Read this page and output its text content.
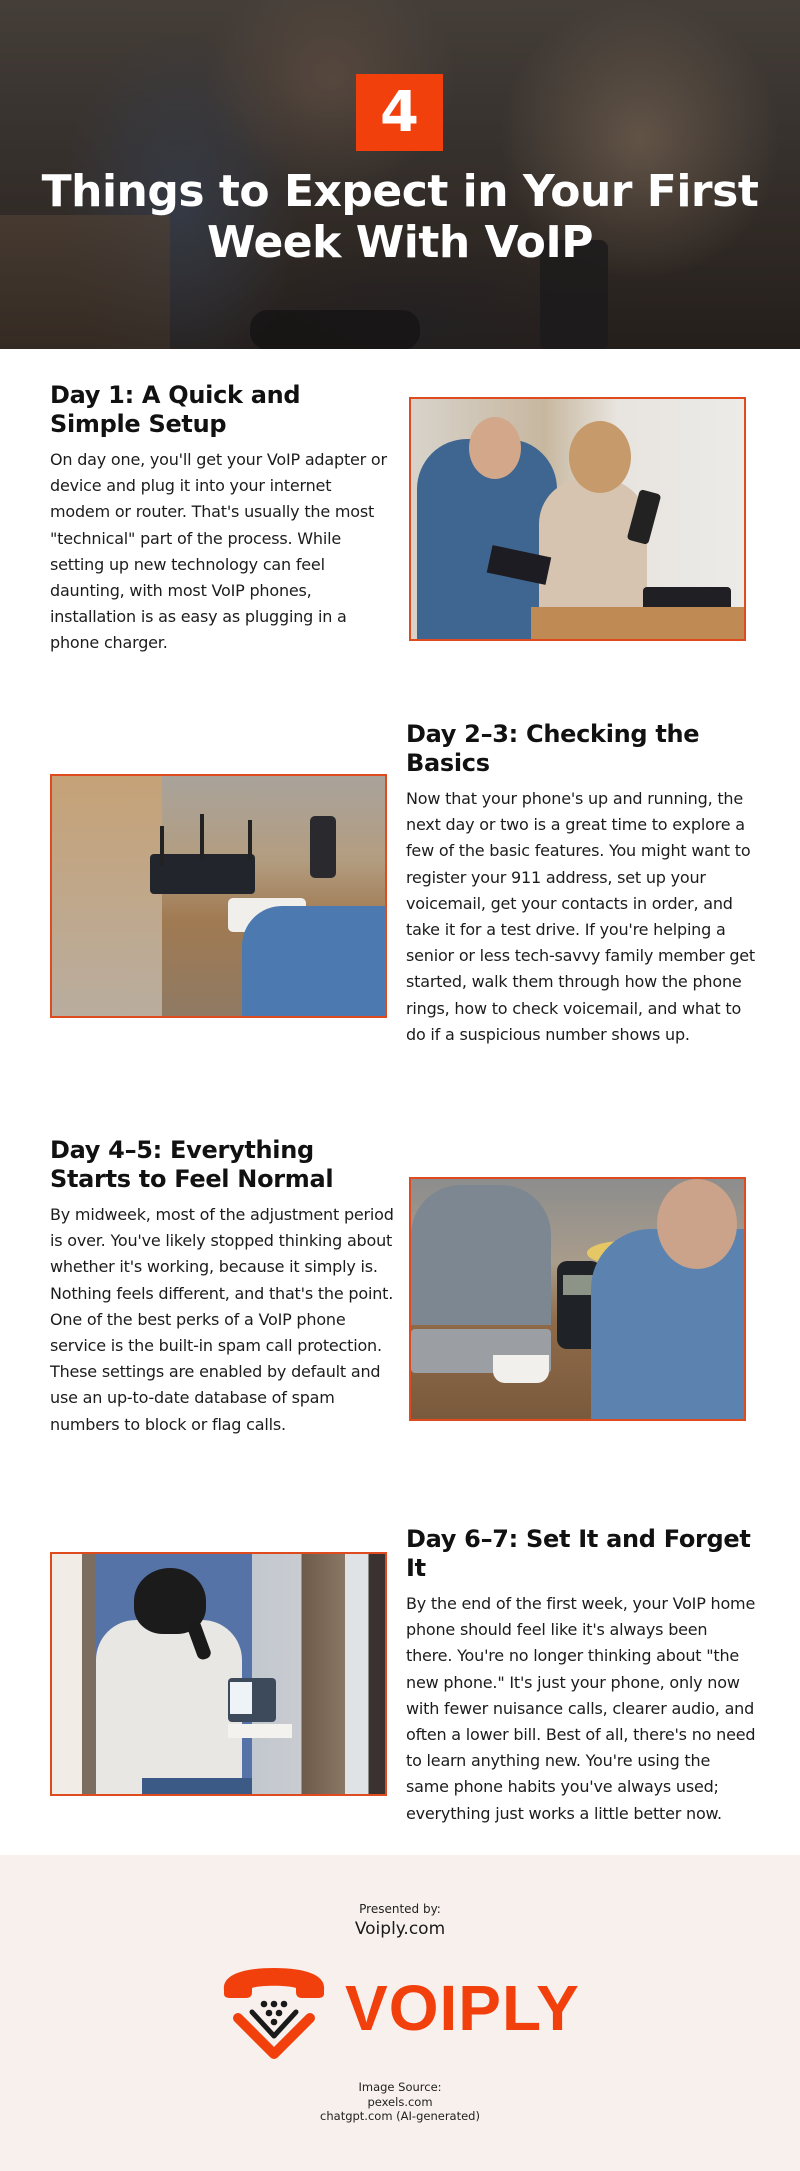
4
Things to Expect in Your First Week With VoIP
Day 1: A Quick and Simple Setup

On day one, you'll get your VoIP adapter or device and plug it into your internet modem or router. That's usually the most "technical" part of the process. While setting up new technology can feel daunting, with most VoIP phones, installation is as easy as plugging in a phone charger.

Day 2–3: Checking the Basics

Now that your phone's up and running, the next day or two is a great time to explore a few of the basic features. You might want to register your 911 address, set up your voicemail, get your contacts in order, and take it for a test drive. If you're helping a senior or less tech-savvy family member get started, walk them through how the phone rings, how to check voicemail, and what to do if a suspicious number shows up.

Day 4–5: Everything Starts to Feel Normal

By midweek, most of the adjustment period is over. You've likely stopped thinking about whether it's working, because it simply is. Nothing feels different, and that's the point. One of the best perks of a VoIP phone service is the built-in spam call protection. These settings are enabled by default and use an up-to-date database of spam numbers to block or flag calls.

Day 6–7: Set It and Forget It

By the end of the first week, your VoIP home phone should feel like it's always been there. You're no longer thinking about "the new phone." It's just your phone, only now with fewer nuisance calls, clearer audio, and often a lower bill. Best of all, there's no need to learn anything new. You're using the same phone habits you've always used; everything just works a little better now.

Presented by:
Voiply.com
VOIPLY
Image Source:
pexels.com
chatgpt.com (AI-generated)
